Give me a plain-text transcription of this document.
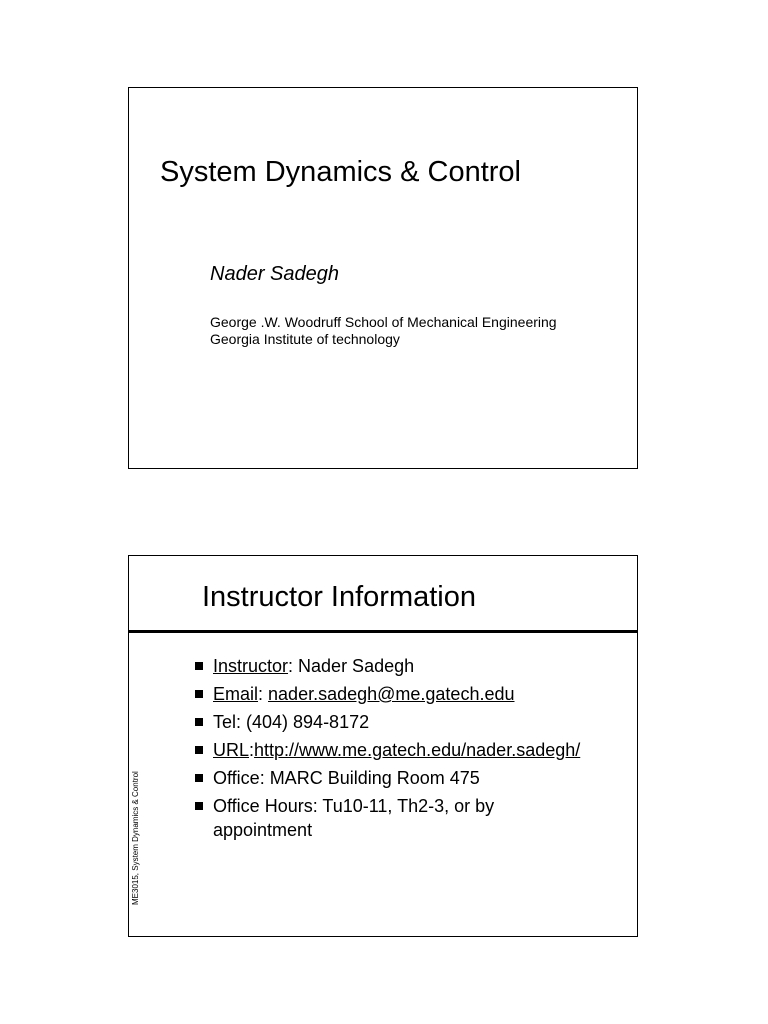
System Dynamics & Control
Nader Sadegh
George .W. Woodruff School of Mechanical Engineering
Georgia Institute of technology
Instructor Information
Instructor: Nader Sadegh
Email: nader.sadegh@me.gatech.edu
Tel: (404) 894-8172
URL:http://www.me.gatech.edu/nader.sadegh/
Office: MARC Building Room 475
Office Hours: Tu10-11, Th2-3, or by
appointment
ME3015, System Dynamics & Control
